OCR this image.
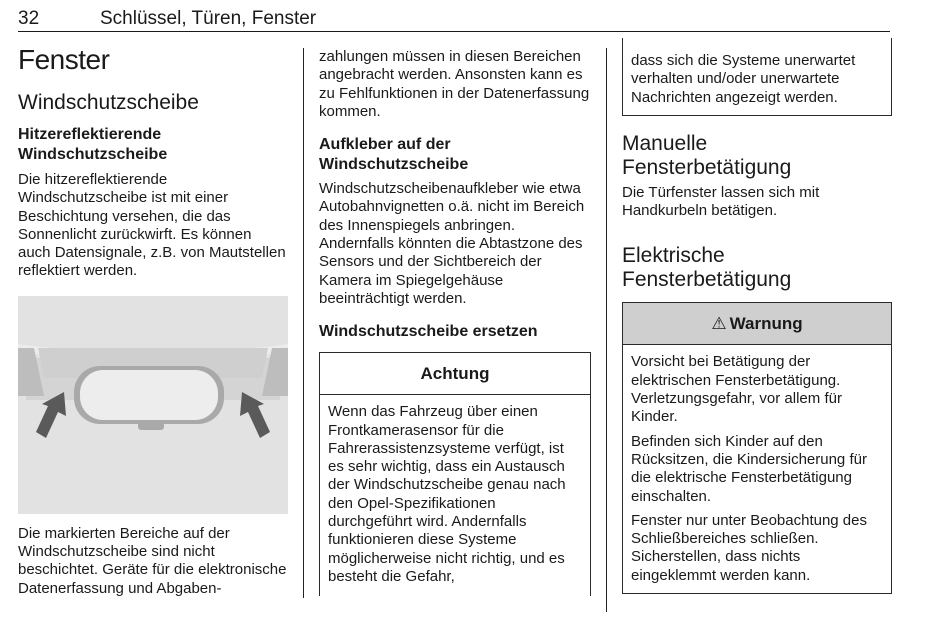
32	Schlüssel, Türen, Fenster
Fenster
Windschutzscheibe
Hitzereflektierende Windschutzscheibe

Die hitzereflektierende Windschutzscheibe ist mit einer Beschichtung versehen, die das Sonnenlicht zurückwirft. Es können auch Datensignale, z.B. von Mautstellen reflektiert werden.

Die markierten Bereiche auf der Windschutzscheibe sind nicht beschichtet. Geräte für die elektronische Datenerfassung und Abgaben-

zahlungen müssen in diesen Bereichen angebracht werden. Ansonsten kann es zu Fehlfunktionen in der Datenerfassung kommen.

Aufkleber auf der Windschutzscheibe

Windschutzscheibenaufkleber wie etwa Autobahnvignetten o.ä. nicht im Bereich des Innenspiegels anbringen. Andernfalls könnten die Abtastzone des Sensors und der Sichtbereich der Kamera im Spiegelgehäuse beeinträchtigt werden.

Windschutzscheibe ersetzen
Achtung

Wenn das Fahrzeug über einen Frontkamerasensor für die Fahrerassistenzsysteme verfügt, ist es sehr wichtig, dass ein Austausch der Windschutzscheibe genau nach den Opel-Spezifikationen durchgeführt wird. Andernfalls funktionieren diese Systeme möglicherweise nicht richtig, und es besteht die Gefahr,

dass sich die Systeme unerwartet verhalten und/oder unerwartete Nachrichten angezeigt werden.

Manuelle Fensterbetätigung

Die Türfenster lassen sich mit Handkurbeln betätigen.

Elektrische Fensterbetätigung
⚠ Warnung

Vorsicht bei Betätigung der elektrischen Fensterbetätigung. Verletzungsgefahr, vor allem für Kinder.

Befinden sich Kinder auf den Rücksitzen, die Kindersicherung für die elektrische Fensterbetätigung einschalten.

Fenster nur unter Beobachtung des Schließbereiches schließen. Sicherstellen, dass nichts eingeklemmt werden kann.
